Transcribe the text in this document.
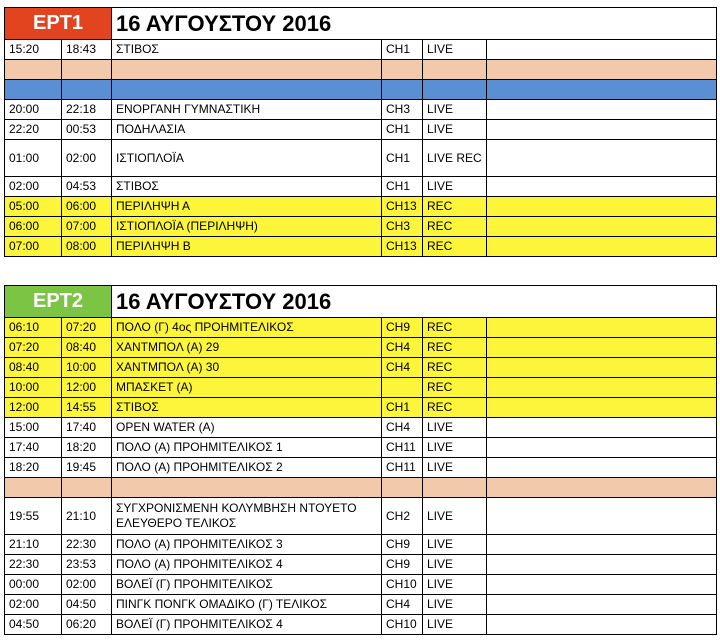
EPT1		16 ΑΥΓΟΥΣΤΟΥ 2016			
15:20	18:43	ΣΤΙΒΟΣ	CH1	LIVE	

20:00	22:18	ΕΝΟΡΓΑΝΗ ΓΥΜΝΑΣΤΙΚΗ	CH3	LIVE	
22:20	00:53	ΠΟΔΗΛΑΣΙΑ	CH1	LIVE	
01:00	02:00	ΙΣΤΙΟΠΛΟΪΑ	CH1	LIVE REC	
02:00	04:53	ΣΤΙΒΟΣ	CH1	LIVE	
05:00	06:00	ΠΕΡΙΛΗΨΗ Α	CH13	REC	
06:00	07:00	ΙΣΤΙΟΠΛΟΪΑ (ΠΕΡΙΛΗΨΗ)	CH3	REC	
07:00	08:00	ΠΕΡΙΛΗΨΗ Β	CH13	REC	
EPT2		16 ΑΥΓΟΥΣΤΟΥ 2016			
06:10	07:20	ΠΟΛΟ (Γ) 4ος ΠΡΟΗΜΙΤΕΛΙΚΟΣ	CH9	REC	
07:20	08:40	ΧΑΝΤΜΠΟΛ (Α) 29	CH4	REC	
08:40	10:00	ΧΑΝΤΜΠΟΛ (Α) 30	CH4	REC	
10:00	12:00	ΜΠΑΣΚΕΤ (Α)		REC	
12:00	14:55	ΣΤΙΒΟΣ	CH1	REC	
15:00	17:40	OPEN WATER (A)	CH4	LIVE	
17:40	18:20	ΠΟΛΟ (Α) ΠΡΟΗΜΙΤΕΛΙΚΟΣ 1	CH11	LIVE	
18:20	19:45	ΠΟΛΟ (Α) ΠΡΟΗΜΙΤΕΛΙΚΟΣ 2	CH11	LIVE	

19:55	21:10	ΣΥΓΧΡΟΝΙΣΜΕΝΗ ΚΟΛΥΜΒΗΣΗ ΝΤΟΥΕΤΟ ΕΛΕΥΘΕΡΟ ΤΕΛΙΚΟΣ	CH2	LIVE	
21:10	22:30	ΠΟΛΟ (Α) ΠΡΟΗΜΙΤΕΛΙΚΟΣ 3	CH9	LIVE	
22:30	23:53	ΠΟΛΟ (Α) ΠΡΟΗΜΙΤΕΛΙΚΟΣ 4	CH9	LIVE	
00:00	02:00	ΒΟΛΕΪ (Γ) ΠΡΟΗΜΙΤΕΛΙΚΟΣ	CH10	LIVE	
02:00	04:50	ΠΙΝΓΚ ΠΟΝΓΚ ΟΜΑΔΙΚΟ (Γ) ΤΕΛΙΚΟΣ	CH4	LIVE	
04:50	06:20	ΒΟΛΕΪ (Γ) ΠΡΟΗΜΙΤΕΛΙΚΟΣ 4	CH10	LIVE	
